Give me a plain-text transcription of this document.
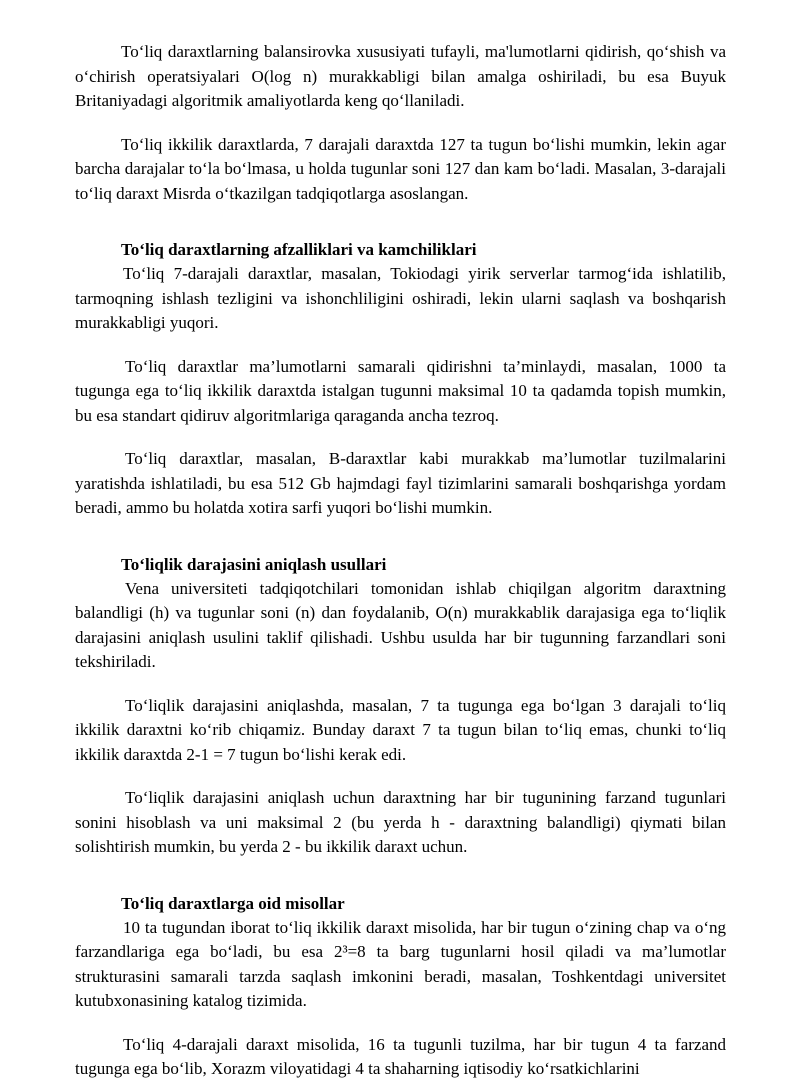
To‘liq daraxtlarning balansirovka xususiyati tufayli, ma'lumotlarni qidirish, qo‘shish va o‘chirish operatsiyalari O(log n) murakkabligi bilan amalga oshiriladi, bu esa Buyuk Britaniyadagi algoritmik amaliyotlarda keng qo‘llaniladi.

To‘liq ikkilik daraxtlarda, 7 darajali daraxtda 127 ta tugun bo‘lishi mumkin, lekin agar barcha darajalar to‘la bo‘lmasa, u holda tugunlar soni 127 dan kam bo‘ladi. Masalan, 3-darajali to‘liq daraxt Misrda o‘tkazilgan tadqiqotlarga asoslangan.

To‘liq daraxtlarning afzalliklari va kamchiliklari

To‘liq 7-darajali daraxtlar, masalan, Tokiodagi yirik serverlar tarmog‘ida ishlatilib, tarmoqning ishlash tezligini va ishonchliligini oshiradi, lekin ularni saqlash va boshqarish murakkabligi yuqori.

To‘liq daraxtlar ma’lumotlarni samarali qidirishni ta’minlaydi, masalan, 1000 ta tugunga ega to‘liq ikkilik daraxtda istalgan tugunni maksimal 10 ta qadamda topish mumkin, bu esa standart qidiruv algoritmlariga qaraganda ancha tezroq.

To‘liq daraxtlar, masalan, B-daraxtlar kabi murakkab ma’lumotlar tuzilmalarini yaratishda ishlatiladi, bu esa 512 Gb hajmdagi fayl tizimlarini samarali boshqarishga yordam beradi, ammo bu holatda xotira sarfi yuqori bo‘lishi mumkin.

To‘liqlik darajasini aniqlash usullari

Vena universiteti tadqiqotchilari tomonidan ishlab chiqilgan algoritm daraxtning balandligi (h) va tugunlar soni (n) dan foydalanib, O(n) murakkablik darajasiga ega to‘liqlik darajasini aniqlash usulini taklif qilishadi. Ushbu usulda har bir tugunning farzandlari soni tekshiriladi.

To‘liqlik darajasini aniqlashda, masalan, 7 ta tugunga ega bo‘lgan 3 darajali to‘liq ikkilik daraxtni ko‘rib chiqamiz. Bunday daraxt 7 ta tugun bilan to‘liq emas, chunki to‘liq ikkilik daraxtda 2-1 = 7 tugun bo‘lishi kerak edi.

To‘liqlik darajasini aniqlash uchun daraxtning har bir tugunining farzand tugunlari sonini hisoblash va uni maksimal 2 (bu yerda h - daraxtning balandligi) qiymati bilan solishtirish mumkin, bu yerda 2 - bu ikkilik daraxt uchun.

To‘liq daraxtlarga oid misollar

10 ta tugundan iborat to‘liq ikkilik daraxt misolida, har bir tugun o‘zining chap va o‘ng farzandlariga ega bo‘ladi, bu esa 2³=8 ta barg tugunlarni hosil qiladi va ma’lumotlar strukturasini samarali tarzda saqlash imkonini beradi, masalan, Toshkentdagi universitet kutubxonasining katalog tizimida.

To‘liq 4-darajali daraxt misolida, 16 ta tugunli tuzilma, har bir tugun 4 ta farzand tugunga ega bo‘lib, Xorazm viloyatidagi 4 ta shaharning iqtisodiy ko‘rsatkichlarini
